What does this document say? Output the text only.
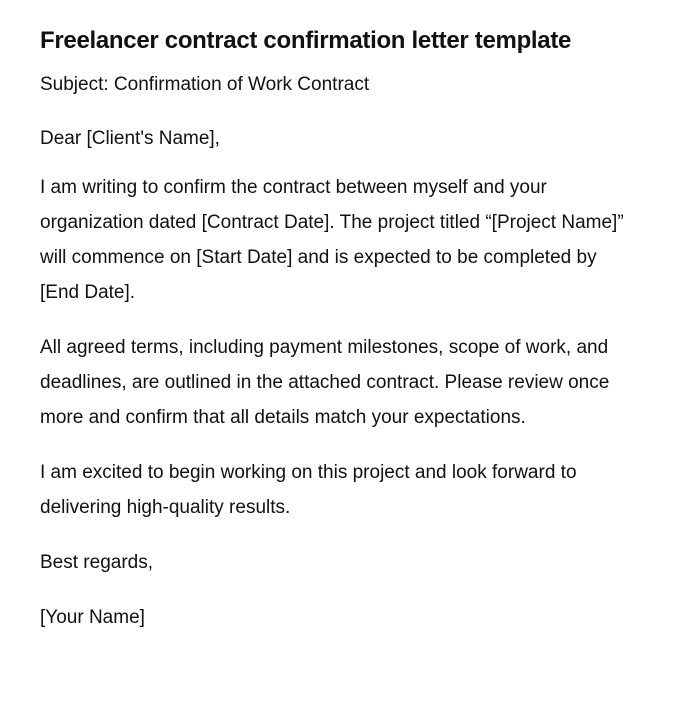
Freelancer contract confirmation letter template

Subject: Confirmation of Work Contract

Dear [Client's Name],

I am writing to confirm the contract between myself and your organization dated [Contract Date]. The project titled “[Project Name]” will commence on [Start Date] and is expected to be completed by [End Date].

All agreed terms, including payment milestones, scope of work, and deadlines, are outlined in the attached contract. Please review once more and confirm that all details match your expectations.

I am excited to begin working on this project and look forward to delivering high-quality results.

Best regards,

[Your Name]
